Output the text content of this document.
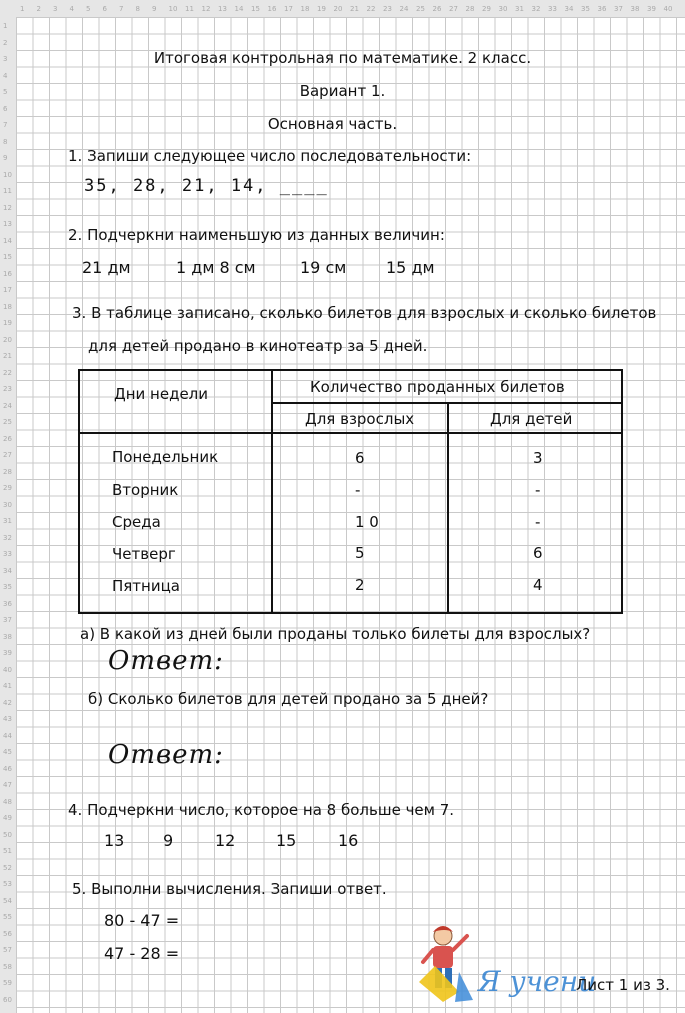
1 2 3 4 5 6 7 8 9 10 11 12 13 14 15 16 17 18 19 20 21 22 23 24 25 26 27 28 29 30 31 32 33 34 35 36 37 38 39 40
1
2
3
4
5
6
7
8
9
10
11
12
13
14
15
16
17
18
19
20
21
22
23
24
25
26
27
28
29
30
31
32
33
34
35
36
37
38
39
40
41
42
43
44
45
46
47
48
49
50
51
52
53
54
55
56
57
58
59
60
Итоговая контрольная по математике. 2 класс.
Вариант 1.
Основная часть.
1. Запиши следующее число последовательности:
35, 28, 21, 14, ____
2. Подчеркни наименьшую из данных величин:
21 дм	1 дм 8 см	19 см 15 дм
3. В таблице записано, сколько билетов для взрослых и сколько билетов
для детей продано в кинотеатр за 5 дней.
Дни недели	Количество проданных билетов
Для взрослых	Для детей
Понедельник	6	3
Вторник	-	-
Среда	1 0	-
Четверг	5	6
Пятница	2	4
а) В какой из дней были проданы только билеты для взрослых?
Ответ:
б) Сколько билетов для детей продано за 5 дней?
Ответ:
4. Подчеркни число, которое на 8 больше чем 7.
13 9	12	15	16
5. Выполни вычисления. Запиши ответ.
80 - 47 =
47 - 28 =
Я учени
Лист 1 из 3.
